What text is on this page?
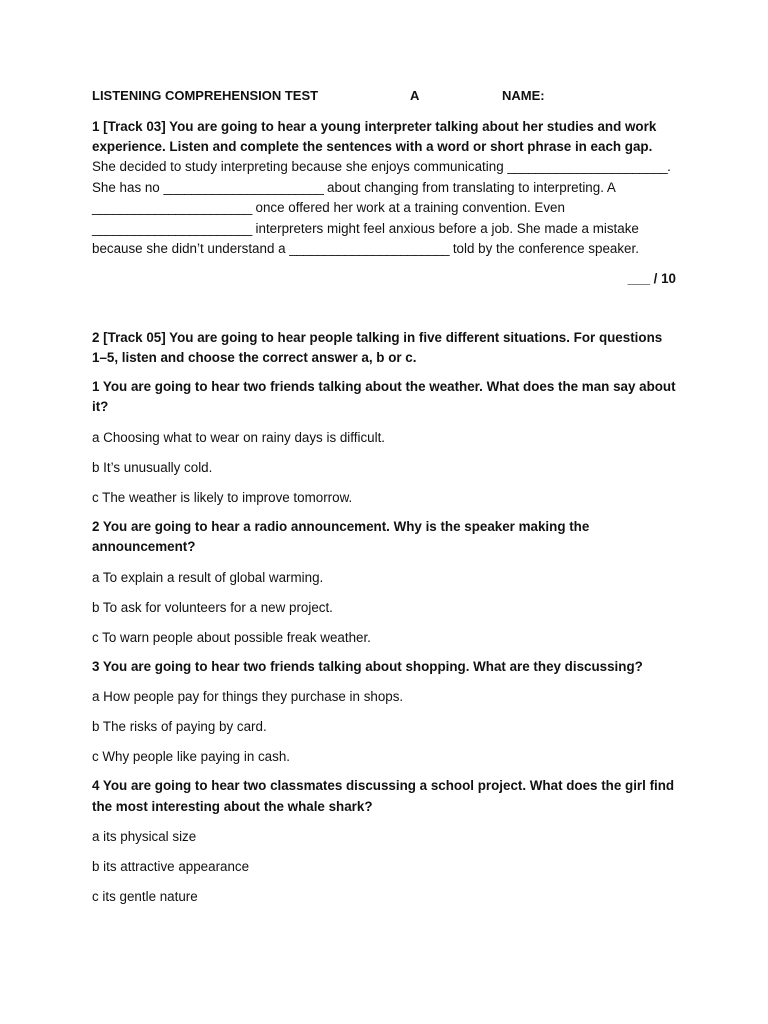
LISTENING COMPREHENSION TEST	A	NAME:

1 [Track 03] You are going to hear a young interpreter talking about her studies and work experience. Listen and complete the sentences with a word or short phrase in each gap.

She decided to study interpreting because she enjoys communicating _______________________. She has no _______________________ about changing from translating to interpreting. A _______________________ once offered her work at a training convention. Even _______________________ interpreters might feel anxious before a job. She made a mistake because she didn’t understand a _______________________ told by the conference speaker.

___ / 10

2 [Track 05] You are going to hear people talking in five different situations. For questions 1–5, listen and choose the correct answer a, b or c.

1 You are going to hear two friends talking about the weather. What does the man say about it?

a Choosing what to wear on rainy days is difficult.

b It’s unusually cold.

c The weather is likely to improve tomorrow.

2 You are going to hear a radio announcement. Why is the speaker making the announcement?

a To explain a result of global warming.

b To ask for volunteers for a new project.

c To warn people about possible freak weather.

3 You are going to hear two friends talking about shopping. What are they discussing?

a How people pay for things they purchase in shops.

b The risks of paying by card.

c Why people like paying in cash.

4 You are going to hear two classmates discussing a school project. What does the girl find the most interesting about the whale shark?

a its physical size

b its attractive appearance

c its gentle nature
